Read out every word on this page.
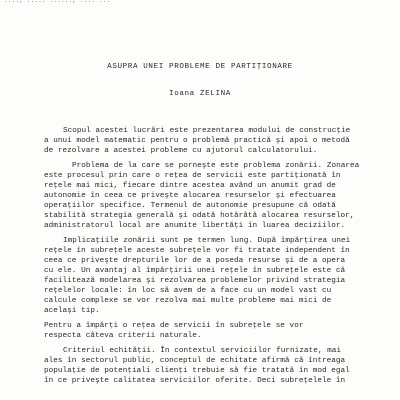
...., ..... ......, .... ...
ASUPRA UNEI PROBLEME DE PARTIŢIONARE
Ioana ZELINA
Scopul acestei lucrări este prezentarea modului de construcţie
a unui model matematic pentru o problemă practică şi apoi o metodă
de rezolvare a acestei probleme cu ajutorul calculatorului.
Problema de la care se porneşte este problema zonării. Zonarea
este procesul prin care o reţea de servicii este partiţionată în
reţele mai mici, fiecare dintre acestea având un anumit grad de
autonomie în ceea ce priveşte alocarea resurselor şi efectuarea
operaţiilor specifice. Termenul de autonomie presupune că odată
stabilită strategia generală şi odată hotărâtă alocarea resurselor,
administratorul local are anumite libertăţi în luarea deciziilor.
Implicaţiile zonării sunt pe termen lung. După împărţirea unei
reţele în subreţele aceste subreţele vor fi tratate independent în
ceea ce priveşte drepturile lor de a poseda resurse şi de a opera
cu ele. Un avantaj al împărţirii unei reţele în subreţele este că
facilitează modelarea şi rezolvarea problemelor privind strategia
reţelelor locale: în loc să avem de a face cu un model vast cu
calcule complexe se vor rezolva mai multe probleme mai mici de
acelaşi tip.
Pentru a împărţi o reţea de servicii în subreţele se vor
respecta câteva criterii naturale.
Criteriul echităţii. În contextul serviciilor furnizate, mai
ales în sectorul public, conceptul de echitate afirmă că întreaga
populaţie de potenţiali clienţi trebuie să fie tratată în mod egal
în ce priveşte calitatea serviciilor oferite. Deci subreţelele în
